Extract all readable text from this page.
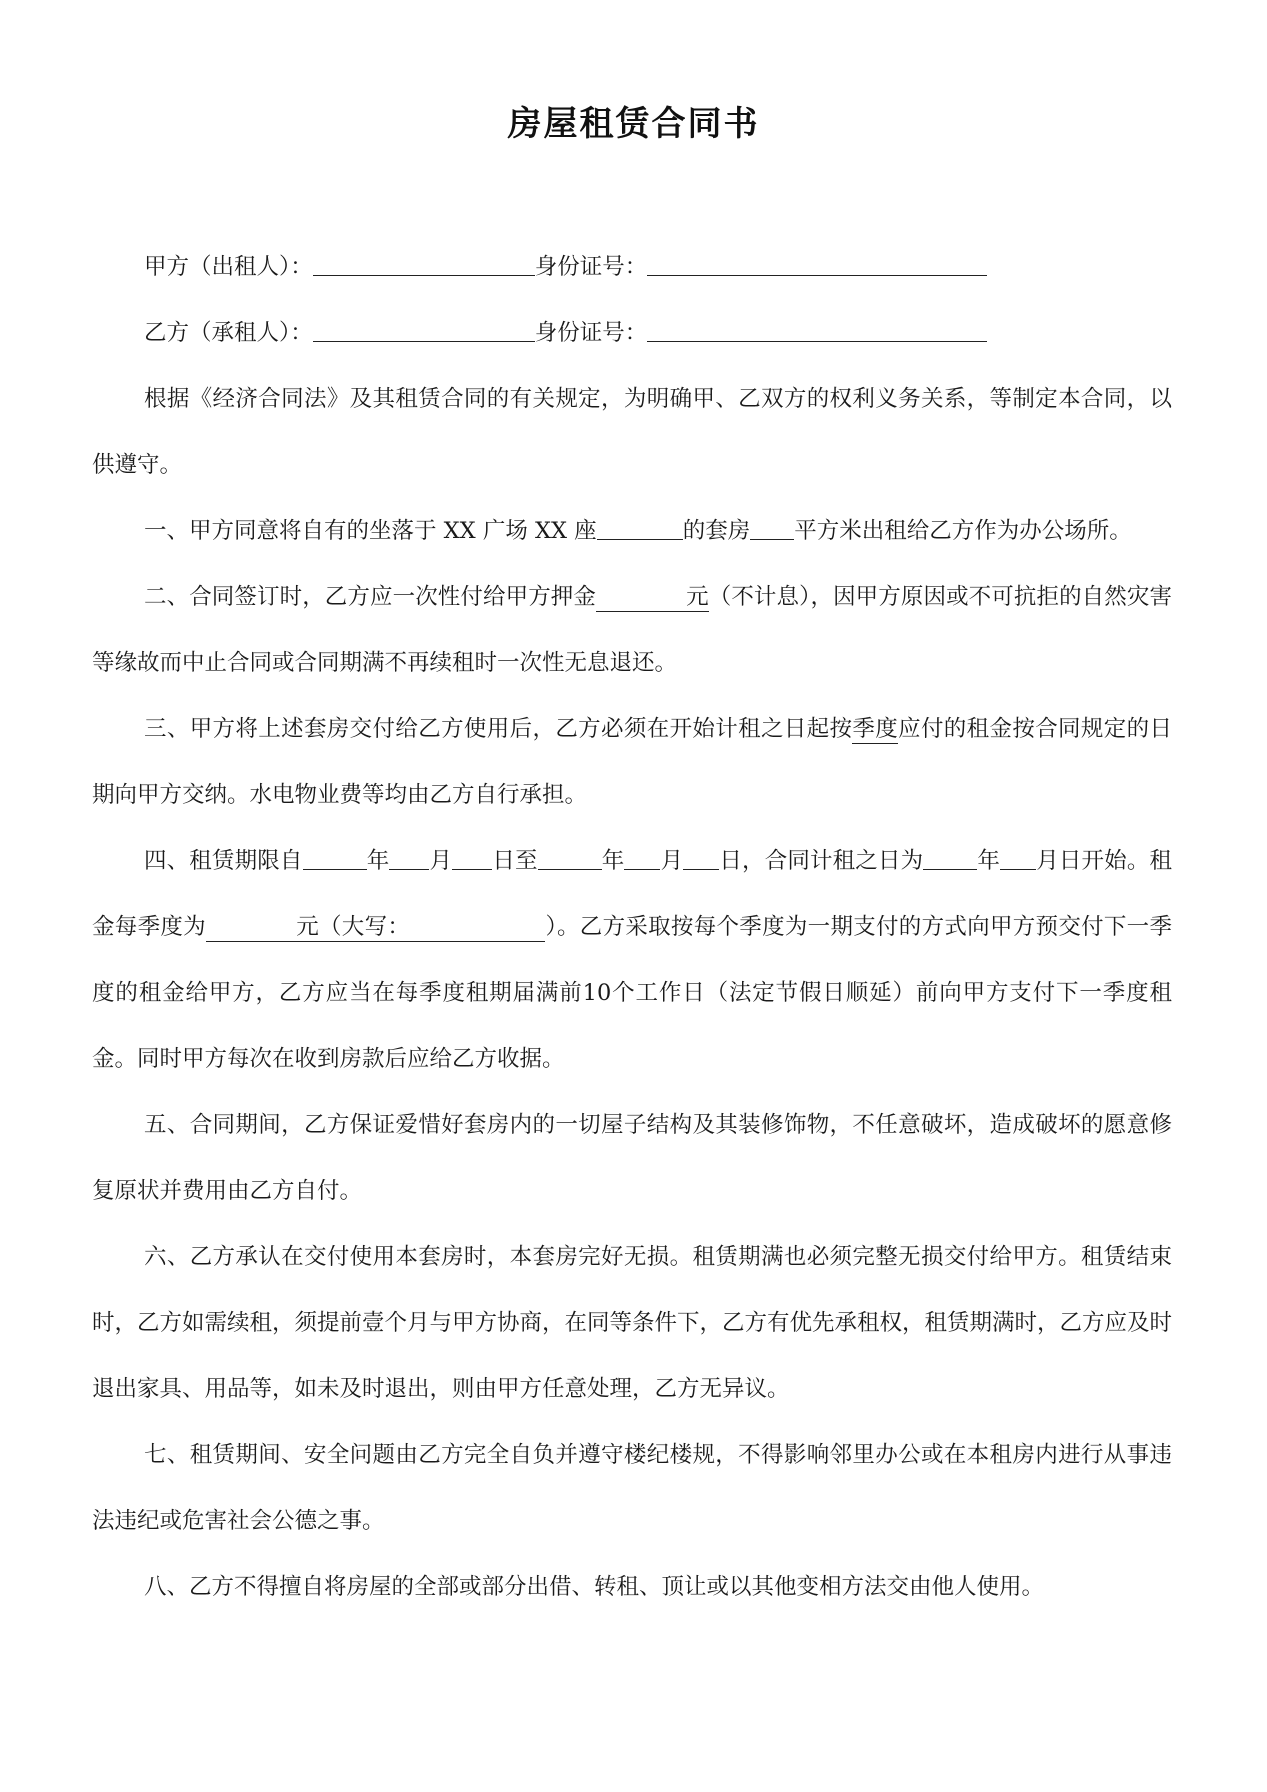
房屋租赁合同书
甲方（出租人）：	身份证号：
乙方（承租人）：	身份证号：

根据《经济合同法》及其租赁合同的有关规定，为明确甲、乙双方的权利义务关系，等制定本合同，以供遵守。

一、甲方同意将自有的坐落于 XX 广场 XX 座	的套房 平方米出租给乙方作为办公场所。

二、合同签订时，乙方应一次性付给甲方押金    	元（不计息），因甲方原因或不可抗拒的自然灾害等缘故而中止合同或合同期满不再续租时一次性无息退还。

三、甲方将上述套房交付给乙方使用后，乙方必须在开始计租之日起按季度应付的租金按合同规定的日期向甲方交纳。水电物业费等均由乙方自行承担。

四、租赁期限自	年 月 日至	年 月 日，合同计租之日为 年 月日开始。租金每季度为    	元（大写：      	）。乙方采取按每个季度为一期支付的方式向甲方预交付下一季度的租金给甲方，乙方应当在每季度租期届满前10个工作日（法定节假日顺延）前向甲方支付下一季度租金。同时甲方每次在收到房款后应给乙方收据。

五、合同期间，乙方保证爱惜好套房内的一切屋子结构及其装修饰物，不任意破坏，造成破坏的愿意修复原状并费用由乙方自付。

六、乙方承认在交付使用本套房时，本套房完好无损。租赁期满也必须完整无损交付给甲方。租赁结束时，乙方如需续租，须提前壹个月与甲方协商，在同等条件下，乙方有优先承租权，租赁期满时，乙方应及时退出家具、用品等，如未及时退出，则由甲方任意处理，乙方无异议。

七、租赁期间、安全问题由乙方完全自负并遵守楼纪楼规，不得影响邻里办公或在本租房内进行从事违法违纪或危害社会公德之事。

八、乙方不得擅自将房屋的全部或部分出借、转租、顶让或以其他变相方法交由他人使用。
